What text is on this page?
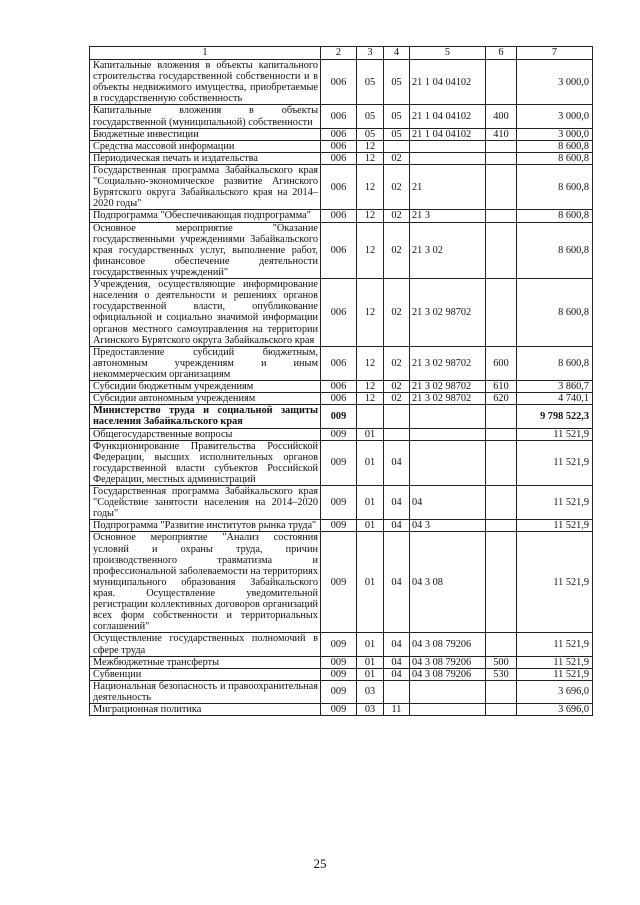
1	2	3	4	5	6	7
Капитальные вложения в объекты капитального строительства государственной собственности и в объекты недвижимого имущества, приобретаемые в государственную собственность	006	05	05	21 1 04 04102		3 000,0
Капитальные вложения в объекты государственной (муниципальной) собственности	006	05	05	21 1 04 04102	400	3 000,0
Бюджетные инвестиции	006	05	05	21 1 04 04102	410	3 000,0
Средства массовой информации	006	12				8 600,8
Периодическая печать и издательства	006	12	02			8 600,8
Государственная программа Забайкальского края "Социально-экономическое развитие Агинского Бурятского округа Забайкальского края на 2014–2020 годы"	006	12	02	21		8 600,8
Подпрограмма "Обеспечивающая подпрограмма"	006	12	02	21 3		8 600,8
Основное мероприятие "Оказание государственными учреждениями Забайкальского края государственных услуг, выполнение работ, финансовое обеспечение деятельности государственных учреждений"	006	12	02	21 3 02		8 600,8
Учреждения, осуществляющие информирование населения о деятельности и решениях органов государственной власти, опубликование официальной и социально значимой информации органов местного самоуправления на территории Агинского Бурятского округа Забайкальского края	006	12	02	21 3 02 98702		8 600,8
Предоставление субсидий бюджетным, автономным учреждениям и иным некоммерческим организациям	006	12	02	21 3 02 98702	600	8 600,8
Субсидии бюджетным учреждениям	006	12	02	21 3 02 98702	610	3 860,7
Субсидии автономным учреждениям	006	12	02	21 3 02 98702	620	4 740,1
Министерство труда и социальной защиты населения Забайкальского края	009					9 798 522,3
Общегосударственные вопросы	009	01				11 521,9
Функционирование Правительства Российской Федерации, высших исполнительных органов государственной власти субъектов Российской Федерации, местных администраций	009	01	04			11 521,9
Государственная программа Забайкальского края "Содействие занятости населения на 2014–2020 годы"	009	01	04	04		11 521,9
Подпрограмма "Развитие институтов рынка труда"	009	01	04	04 3		11 521,9
Основное мероприятие "Анализ состояния условий и охраны труда, причин производственного травматизма и профессиональной заболеваемости на территориях муниципального образования Забайкальского края. Осуществление уведомительной регистрации коллективных договоров организаций всех форм собственности и территориальных соглашений"	009	01	04	04 3 08		11 521,9
Осуществление государственных полномочий в сфере труда	009	01	04	04 3 08 79206		11 521,9
Межбюджетные трансферты	009	01	04	04 3 08 79206	500	11 521,9
Субвенции	009	01	04	04 3 08 79206	530	11 521,9
Национальная безопасность и правоохранительная деятельность	009	03				3 696,0
Миграционная политика	009	03	11			3 696,0
25
